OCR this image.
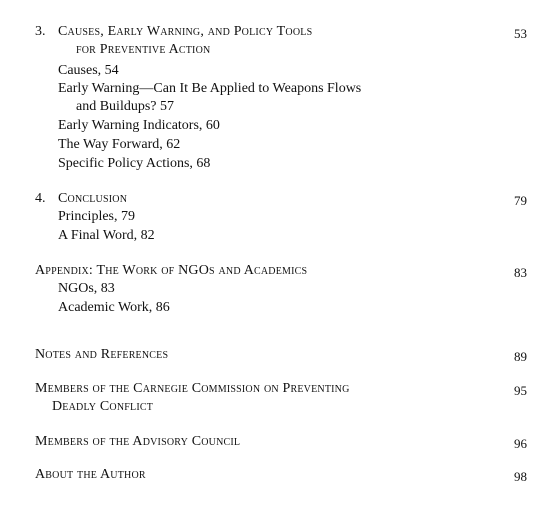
3. Causes, Early Warning, and Policy Tools	53
for Preventive Action
Causes, 54
Early Warning—Can It Be Applied to Weapons Flows
and Buildups? 57
Early Warning Indicators, 60
The Way Forward, 62
Specific Policy Actions, 68
4. Conclusion	79
Principles, 79
A Final Word, 82
Appendix: The Work of NGOs and Academics	83
NGOs, 83
Academic Work, 86
Notes and References	89
Members of the Carnegie Commission on Preventing	95
Deadly Conflict
Members of the Advisory Council	96
About the Author	98
